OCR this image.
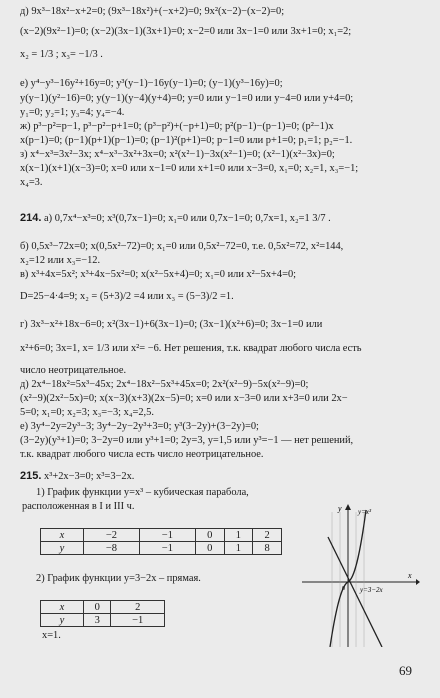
д) 9x³−18x²−x+2=0; (9x³−18x²)+(−x+2)=0; 9x²(x−2)−(x−2)=0;
(x−2)(9x²−1)=0; (x−2)(3x−1)(3x+1)=0; x−2=0 или 3x−1=0 или 3x+1=0; x₁=2;
x₂ = 1/3 ; x₃= −1/3 .
е) y⁴−y³−16y²+16y=0; y³(y−1)−16y(y−1)=0; (y−1)(y³−16y)=0;
y(y−1)(y²−16)=0; y(y−1)(y−4)(y+4)=0; y=0 или y−1=0 или y−4=0 или y+4=0;
y₁=0; y₂=1; y₃=4; y₄=−4.
ж) p³−p²=p−1, p³−p²−p+1=0; (p³−p²)+(−p+1)=0; p²(p−1)−(p−1)=0; (p²−1)x
x(p−1)=0; (p−1)(p+1)(p−1)=0; (p−1)²(p+1)=0; p−1=0 или p+1=0; p₁=1; p₂=−1.
з) x⁴−x³=3x²−3x; x⁴−x³−3x²+3x=0; x²(x²−1)−3x(x²−1)=0; (x²−1)(x²−3x)=0;
x(x−1)(x+1)(x−3)=0; x=0 или x−1=0 или x+1=0 или x−3=0, x₁=0; x₂=1, x₃=−1;
x₄=3.
214. а) 0,7x⁴−x³=0; x³(0,7x−1)=0; x₁=0 или 0,7x−1=0; 0,7x=1, x₂=1 3/7 .
б) 0,5x³−72x=0; x(0,5x²−72)=0; x₁=0 или 0,5x²−72=0, т.е. 0,5x²=72, x²=144,
x₂=12 или x₃=−12.
в) x³+4x=5x²; x³+4x−5x²=0; x(x²−5x+4)=0; x₁=0 или x²−5x+4=0;
D=25−4·4=9; x₂ = (5+3)/2 =4 или x₃ = (5−3)/2 =1.
г) 3x³−x²+18x−6=0; x²(3x−1)+6(3x−1)=0; (3x−1)(x²+6)=0; 3x−1=0 или
x²+6=0; 3x=1, x= 1/3 или x²= −6. Нет решения, т.к. квадрат любого числа есть
число неотрицательное.
д) 2x⁴−18x²=5x³−45x; 2x⁴−18x²−5x³+45x=0; 2x²(x²−9)−5x(x²−9)=0;
(x²−9)(2x²−5x)=0; x(x−3)(x+3)(2x−5)=0; x=0 или x−3=0 или x+3=0 или 2x−
5=0; x₁=0; x₂=3; x₃=−3; x₄=2,5.
е) 3y⁴−2y=2y³−3; 3y⁴−2y−2y³+3=0; y³(3−2y)+(3−2y)=0;
(3−2y)(y³+1)=0; 3−2y=0 или y³+1=0; 2y=3, y=1,5 или y³=−1 — нет решений,
т.к. квадрат любого числа есть число неотрицательное.
215. x³+2x−3=0; x³=3−2x.
1) График функции y=x³ – кубическая парабола,
расположенная в I и III ч.
x	−2	−1	0	1	2
y	−8	−1	0	1	8
2) График функции y=3−2x – прямая.
x	0	2
y	3	−1
x=1.
y=x³
y=3−2x
y
x
0
69
